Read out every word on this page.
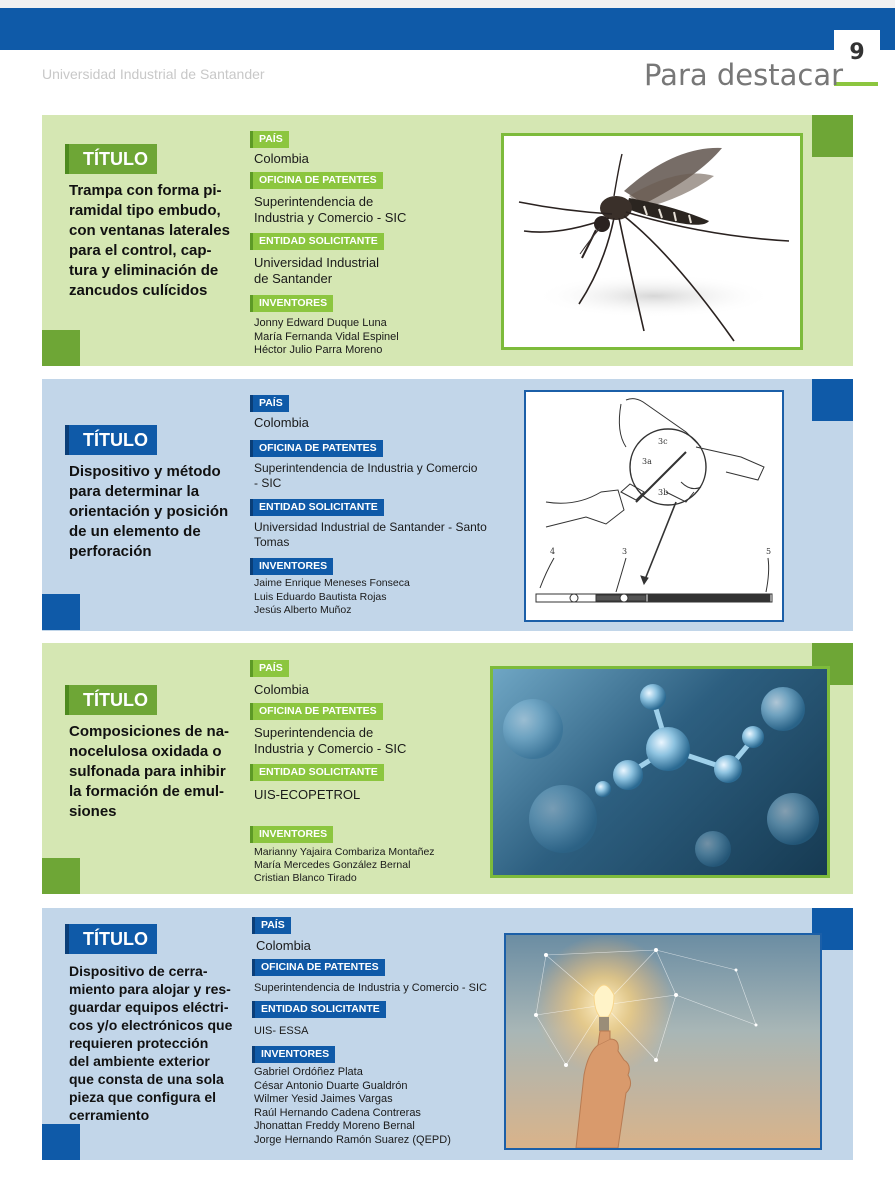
9
Universidad Industrial de Santander	Para destacar
TÍTULO
Trampa con forma pi-
ramidal tipo embudo,
con ventanas laterales
para el control, cap-
tura y eliminación de
zancudos culícidos
PAÍS
Colombia
OFICINA DE PATENTES
Superintendencia de
Industria y Comercio - SIC
ENTIDAD SOLICITANTE
Universidad Industrial
de Santander
INVENTORES
Jonny Edward Duque Luna
María Fernanda Vidal Espinel
Héctor Julio Parra Moreno
TÍTULO
Dispositivo y método
para determinar la
orientación y posición
de un elemento de
perforación
PAÍS
Colombia
OFICINA DE PATENTES
Superintendencia de Industria y Comercio
- SIC
ENTIDAD SOLICITANTE
Universidad Industrial de Santander - Santo
Tomas
INVENTORES
Jaime Enrique Meneses Fonseca
Luis Eduardo Bautista Rojas
Jesús Alberto Muñoz
3c
3a
3b
4	3	5
TÍTULO
Composiciones de na-
nocelulosa oxidada o
sulfonada para inhibir
la formación de emul-
siones
PAÍS
Colombia
OFICINA DE PATENTES
Superintendencia de
Industria y Comercio - SIC
ENTIDAD SOLICITANTE
UIS-ECOPETROL
INVENTORES
Marianny Yajaira Combariza Montañez
María Mercedes González Bernal
Cristian Blanco Tirado
TÍTULO
Dispositivo de cerra-
miento para alojar y res-
guardar equipos eléctri-
cos y/o electrónicos que
requieren protección
del ambiente exterior
que consta de una sola
pieza que configura el
cerramiento
PAÍS
Colombia
OFICINA DE PATENTES
Superintendencia de Industria y Comercio - SIC
ENTIDAD SOLICITANTE
UIS- ESSA
INVENTORES
Gabriel Ordóñez Plata
César Antonio Duarte Gualdrón
Wilmer Yesid Jaimes Vargas
Raúl Hernando Cadena Contreras
Jhonattan Freddy Moreno Bernal
Jorge Hernando Ramón Suarez (QEPD)
